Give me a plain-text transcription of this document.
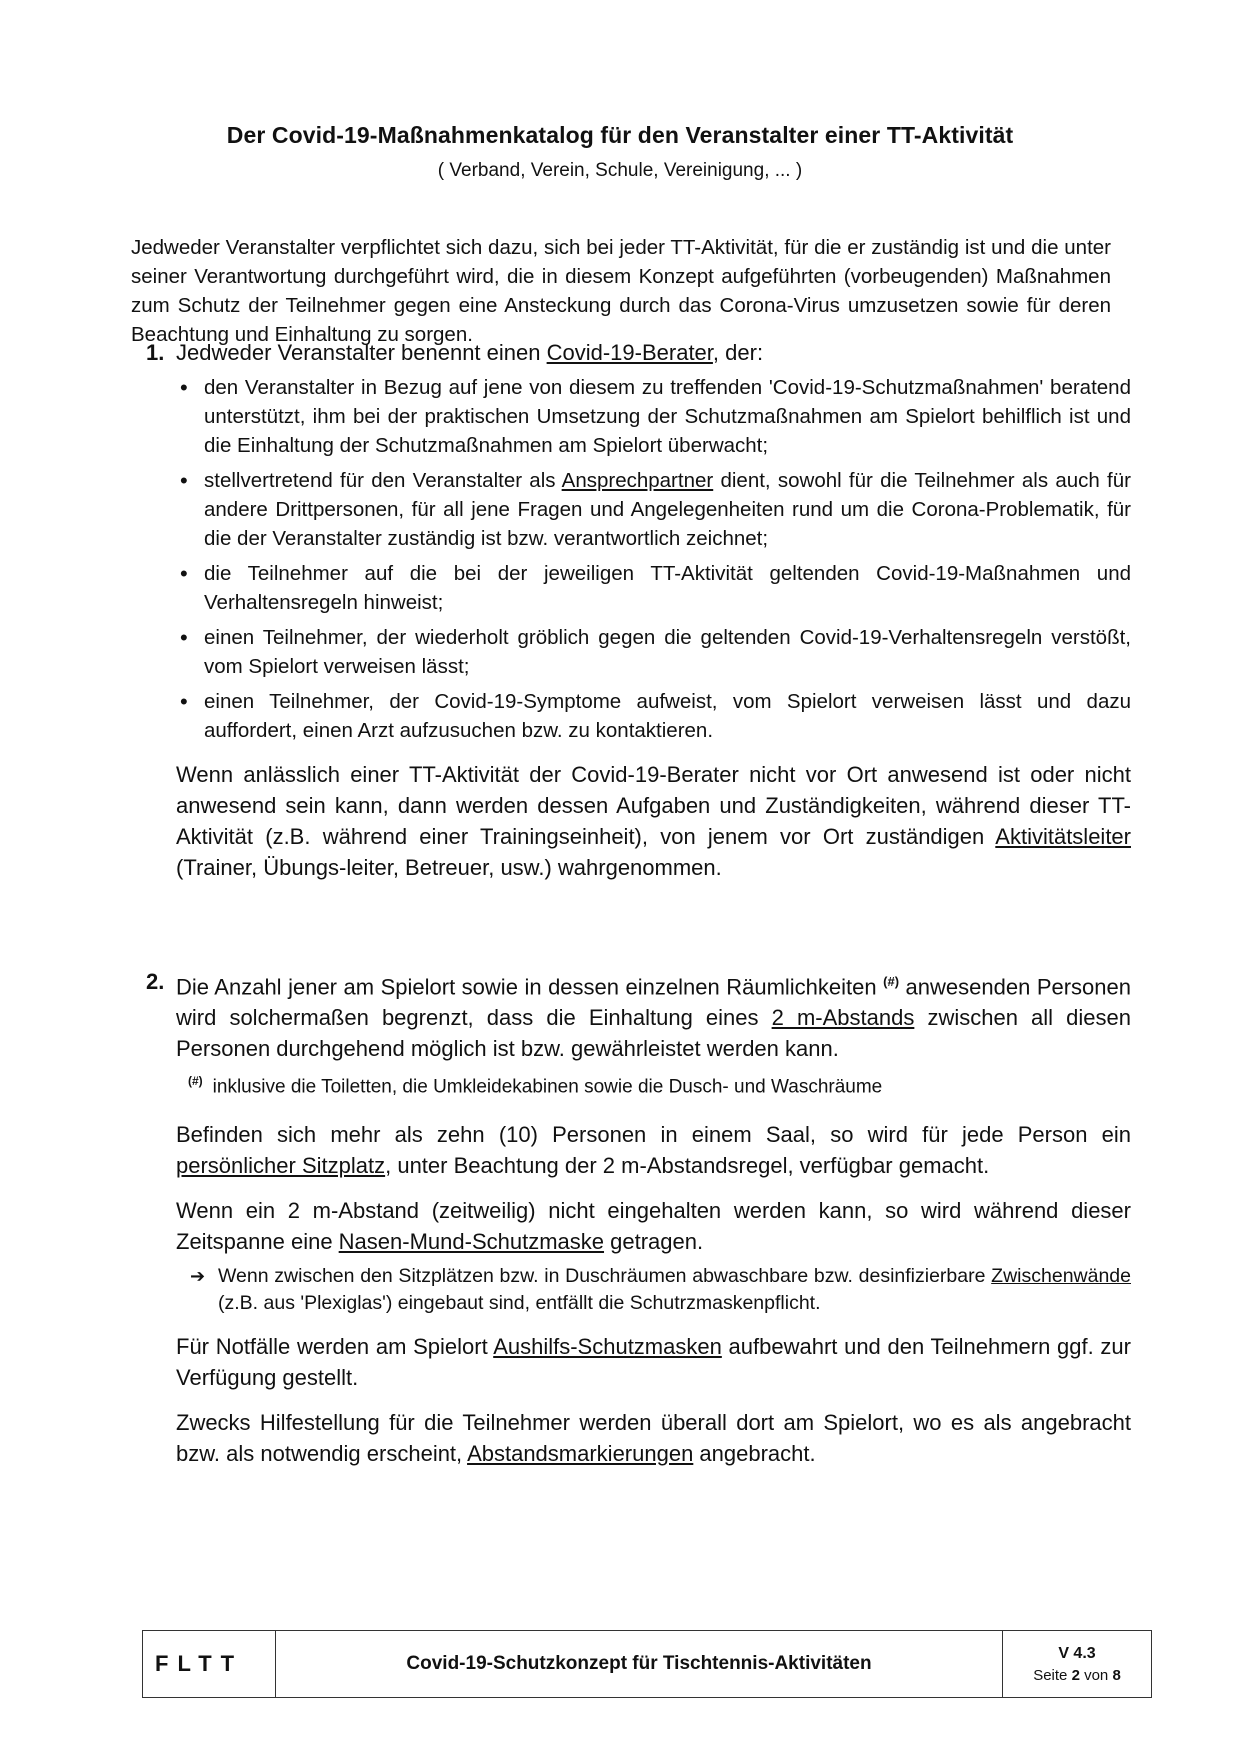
Der Covid-19-Maßnahmenkatalog für den Veranstalter einer TT-Aktivität
( Verband, Verein, Schule, Vereinigung, ... )
Jedweder Veranstalter verpflichtet sich dazu, sich bei jeder TT-Aktivität, für die er zuständig ist und die unter seiner Verantwortung durchgeführt wird, die in diesem Konzept aufgeführten (vorbeugenden) Maßnahmen zum Schutz der Teilnehmer gegen eine Ansteckung durch das Corona-Virus umzusetzen sowie für deren Beachtung und Einhaltung zu sorgen.
1. Jedweder Veranstalter benennt einen Covid-19-Berater, der:
• den Veranstalter in Bezug auf jene von diesem zu treffenden 'Covid-19-Schutzmaßnahmen' beratend unterstützt, ihm bei der praktischen Umsetzung der Schutzmaßnahmen am Spielort behilflich ist und die Einhaltung der Schutzmaßnahmen am Spielort überwacht;
• stellvertretend für den Veranstalter als Ansprechpartner dient, sowohl für die Teilnehmer als auch für andere Drittpersonen, für all jene Fragen und Angelegenheiten rund um die Corona-Problematik, für die der Veranstalter zuständig ist bzw. verantwortlich zeichnet;
• die Teilnehmer auf die bei der jeweiligen TT-Aktivität geltenden Covid-19-Maßnahmen und Verhaltensregeln hinweist;
• einen Teilnehmer, der wiederholt gröblich gegen die geltenden Covid-19-Verhaltensregeln verstößt, vom Spielort verweisen lässt;
• einen Teilnehmer, der Covid-19-Symptome aufweist, vom Spielort verweisen lässt und dazu auffordert, einen Arzt aufzusuchen bzw. zu kontaktieren.
Wenn anlässlich einer TT-Aktivität der Covid-19-Berater nicht vor Ort anwesend ist oder nicht anwesend sein kann, dann werden dessen Aufgaben und Zuständigkeiten, während dieser TT-Aktivität (z.B. während einer Trainingseinheit), von jenem vor Ort zuständigen Aktivitätsleiter (Trainer, Übungs-leiter, Betreuer, usw.) wahrgenommen.
2. Die Anzahl jener am Spielort sowie in dessen einzelnen Räumlichkeiten (#) anwesenden Personen wird solchermaßen begrenzt, dass die Einhaltung eines 2 m-Abstands zwischen all diesen Personen durchgehend möglich ist bzw. gewährleistet werden kann.
(#) inklusive die Toiletten, die Umkleidekabinen sowie die Dusch- und Waschräume
Befinden sich mehr als zehn (10) Personen in einem Saal, so wird für jede Person ein persönlicher Sitzplatz, unter Beachtung der 2 m-Abstandsregel, verfügbar gemacht.
Wenn ein 2 m-Abstand (zeitweilig) nicht eingehalten werden kann, so wird während dieser Zeitspanne eine Nasen-Mund-Schutzmaske getragen.
➔ Wenn zwischen den Sitzplätzen bzw. in Duschräumen abwaschbare bzw. desinfizierbare Zwischenwände (z.B. aus 'Plexiglas') eingebaut sind, entfällt die Schutrzmaskenpflicht.
Für Notfälle werden am Spielort Aushilfs-Schutzmasken aufbewahrt und den Teilnehmern ggf. zur Verfügung gestellt.
Zwecks Hilfestellung für die Teilnehmer werden überall dort am Spielort, wo es als angebracht bzw. als notwendig erscheint, Abstandsmarkierungen angebracht.
FLTT	Covid-19-Schutzkonzept für Tischtennis-Aktivitäten	V 4.3
Seite 2 von 8
